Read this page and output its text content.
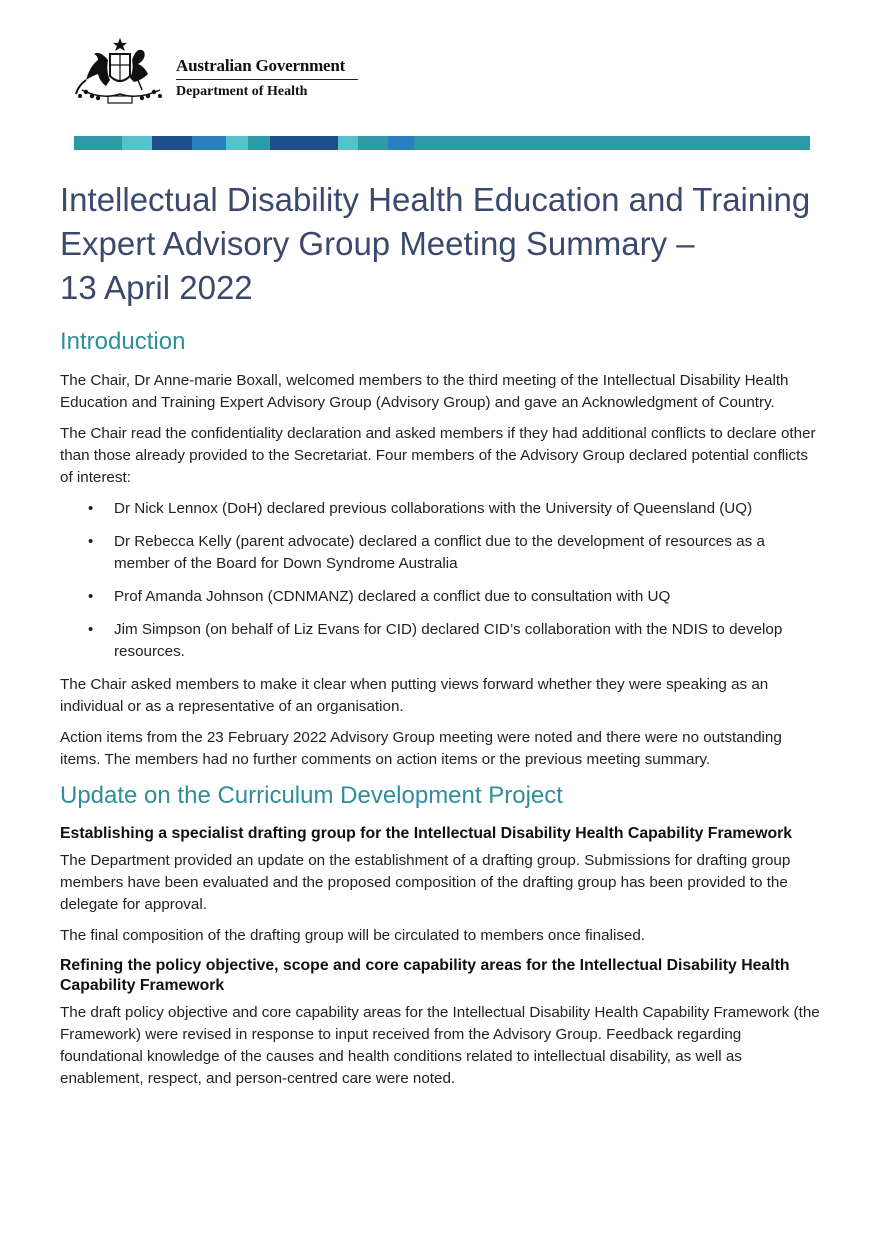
Australian Government
Department of Health
Intellectual Disability Health Education and Training
Expert Advisory Group Meeting Summary –
13 April 2022
Introduction

The Chair, Dr Anne-marie Boxall, welcomed members to the third meeting of the Intellectual Disability Health Education and Training Expert Advisory Group (Advisory Group) and gave an Acknowledgment of Country.

The Chair read the confidentiality declaration and asked members if they had additional conflicts to declare other than those already provided to the Secretariat. Four members of the Advisory Group declared potential conflicts of interest:

• Dr Nick Lennox (DoH) declared previous collaborations with the University of Queensland (UQ)
• Dr Rebecca Kelly (parent advocate) declared a conflict due to the development of resources as a member of the Board for Down Syndrome Australia
• Prof Amanda Johnson (CDNMANZ) declared a conflict due to consultation with UQ
• Jim Simpson (on behalf of Liz Evans for CID) declared CID’s collaboration with the NDIS to develop resources.

The Chair asked members to make it clear when putting views forward whether they were speaking as an individual or as a representative of an organisation.

Action items from the 23 February 2022 Advisory Group meeting were noted and there were no outstanding items. The members had no further comments on action items or the previous meeting summary.

Update on the Curriculum Development Project
Establishing a specialist drafting group for the Intellectual Disability Health Capability Framework

The Department provided an update on the establishment of a drafting group. Submissions for drafting group members have been evaluated and the proposed composition of the drafting group has been provided to the delegate for approval.

The final composition of the drafting group will be circulated to members once finalised.

Refining the policy objective, scope and core capability areas for the Intellectual Disability Health Capability Framework

The draft policy objective and core capability areas for the Intellectual Disability Health Capability Framework (the Framework) were revised in response to input received from the Advisory Group. Feedback regarding foundational knowledge of the causes and health conditions related to intellectual disability, as well as enablement, respect, and person-centred care were noted.
